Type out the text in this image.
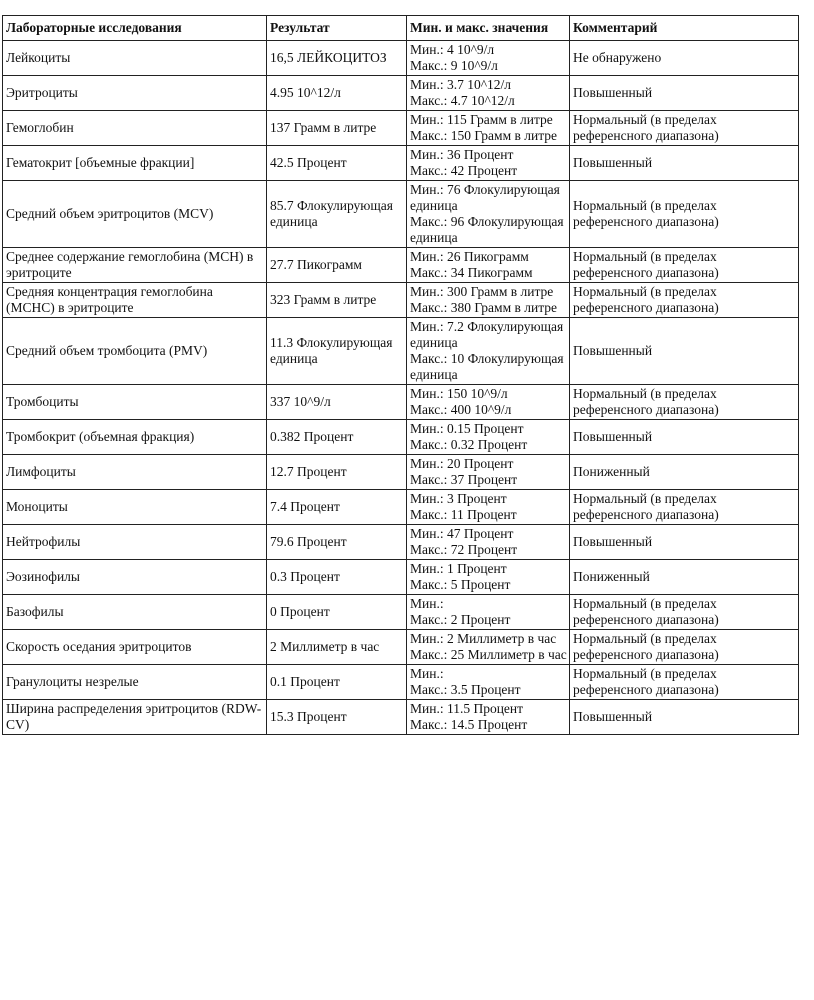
Лабораторные исследования	Результат	Мин. и макс. значения	Комментарий
Лейкоциты	16,5 ЛЕЙКОЦИТОЗ	Мин.: 4 10^9/л
Макс.: 9 10^9/л	Не обнаружено
Эритроциты	4.95 10^12/л	Мин.: 3.7 10^12/л
Макс.: 4.7 10^12/л	Повышенный
Гемоглобин	137 Грамм в литре	Мин.: 115 Грамм в литре
Макс.: 150 Грамм в литре	Нормальный (в пределах референсного диапазона)
Гематокрит [объемные фракции]	42.5 Процент	Мин.: 36 Процент
Макс.: 42 Процент	Повышенный
Средний объем эритроцитов (MCV)	85.7 Флокулирующая единица	Мин.: 76 Флокулирующая единица
Макс.: 96 Флокулирующая единица	Нормальный (в пределах референсного диапазона)
Среднее содержание гемоглобина (MCH) в эритроците	27.7 Пикограмм	Мин.: 26 Пикограмм
Макс.: 34 Пикограмм	Нормальный (в пределах референсного диапазона)
Средняя концентрация гемоглобина (MCHC) в эритроците	323 Грамм в литре	Мин.: 300 Грамм в литре
Макс.: 380 Грамм в литре	Нормальный (в пределах референсного диапазона)
Средний объем тромбоцита (PMV)	11.3 Флокулирующая единица	Мин.: 7.2 Флокулирующая единица
Макс.: 10 Флокулирующая единица	Повышенный
Тромбоциты	337 10^9/л	Мин.: 150 10^9/л
Макс.: 400 10^9/л	Нормальный (в пределах референсного диапазона)
Тромбокрит (объемная фракция)	0.382 Процент	Мин.: 0.15 Процент
Макс.: 0.32 Процент	Повышенный
Лимфоциты	12.7 Процент	Мин.: 20 Процент
Макс.: 37 Процент	Пониженный
Моноциты	7.4 Процент	Мин.: 3 Процент
Макс.: 11 Процент	Нормальный (в пределах референсного диапазона)
Нейтрофилы	79.6 Процент	Мин.: 47 Процент
Макс.: 72 Процент	Повышенный
Эозинофилы	0.3 Процент	Мин.: 1 Процент
Макс.: 5 Процент	Пониженный
Базофилы	0 Процент	Мин.:
Макс.: 2 Процент	Нормальный (в пределах референсного диапазона)
Скорость оседания эритроцитов	2 Миллиметр в час	Мин.: 2 Миллиметр в час
Макс.: 25 Миллиметр в час	Нормальный (в пределах референсного диапазона)
Гранулоциты незрелые	0.1 Процент	Мин.:
Макс.: 3.5 Процент	Нормальный (в пределах референсного диапазона)
Ширина распределения эритроцитов (RDW-CV)	15.3 Процент	Мин.: 11.5 Процент
Макс.: 14.5 Процент	Повышенный
